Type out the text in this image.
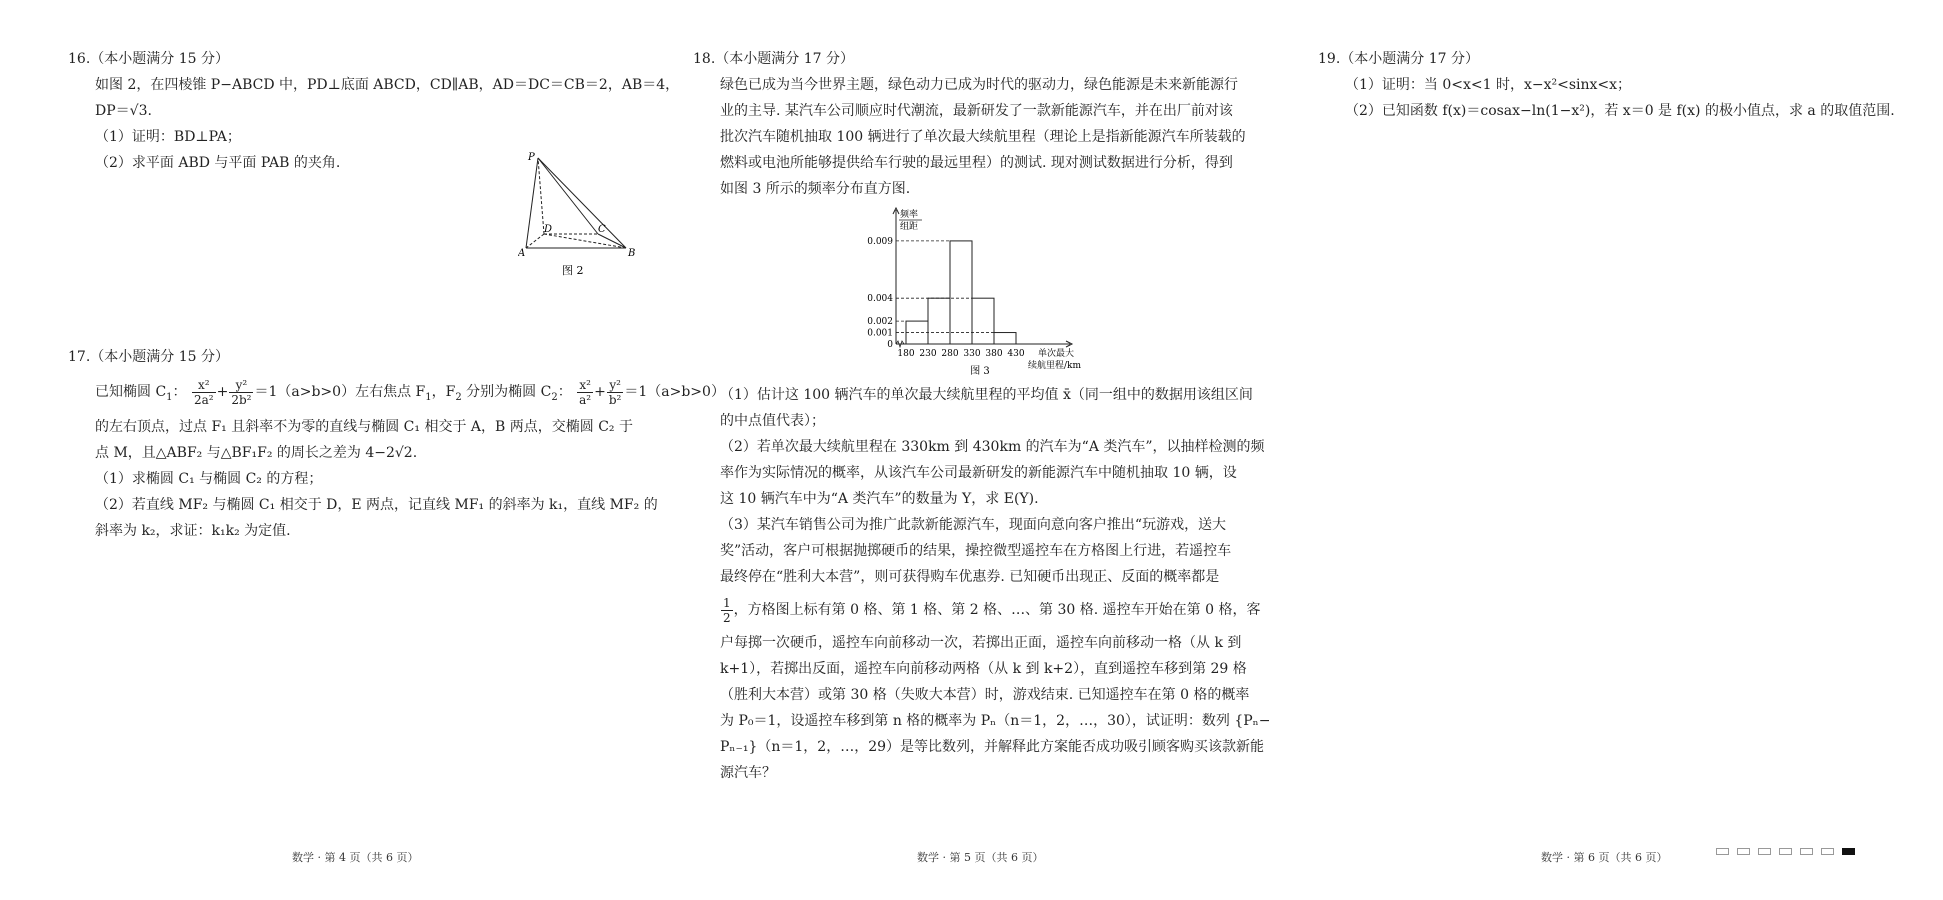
16.（本小题满分 15 分）
如图 2，在四棱锥 P−ABCD 中，PD⊥底面 ABCD，CD∥AB，AD＝DC＝CB＝2，AB＝4，
DP＝√3.
（1）证明：BD⊥PA；
（2）求平面 ABD 与平面 PAB 的夹角.	P
A	B
C
D
图 2
17.（本小题满分 15 分）
已知椭圆 $C_1$： $\frac{\text{x²}}{\text{2a²}} + \frac{\text{y²}}{\text{2b²}} =1(a>b>0)$左右焦点 $F_1$，$F_2$ 分别为椭圆 $C_2$： $\frac{\text{x²}}{\text{a²}} + \frac{\text{y²}}{\text{b²}} =1(a>b>0)$
的左右顶点，过点 F₁ 且斜率不为零的直线与椭圆 C₁ 相交于 A，B 两点，交椭圆 C₂ 于
点 M，且△ABF₂ 与△BF₁F₂ 的周长之差为 4−2√2.
（1）求椭圆 C₁ 与椭圆 C₂ 的方程；
（2）若直线 MF₂ 与椭圆 C₁ 相交于 D，E 两点，记直线 MF₁ 的斜率为 k₁，直线 MF₂ 的
斜率为 k₂，求证：k₁k₂ 为定值.
18.（本小题满分 17 分）
绿色已成为当今世界主题，绿色动力已成为时代的驱动力，绿色能源是未来新能源行
业的主导. 某汽车公司顺应时代潮流，最新研发了一款新能源汽车，并在出厂前对该
批次汽车随机抽取 100 辆进行了单次最大续航里程（理论上是指新能源汽车所装载的
燃料或电池所能够提供给车行驶的最远里程）的测试. 现对测试数据进行分析，得到
如图 3 所示的频率分布直方图.
0.009
0.004
0.002
0.001
0
180 230 280 330 380 430
频率
组距
单次最大
续航里程/km
图 3
（1）估计这 100 辆汽车的单次最大续航里程的平均值 x̄（同一组中的数据用该组区间
的中点值代表）；
（2）若单次最大续航里程在 330km 到 430km 的汽车为“A 类汽车”，以抽样检测的频
率作为实际情况的概率，从该汽车公司最新研发的新能源汽车中随机抽取 10 辆，设
这 10 辆汽车中为“A 类汽车”的数量为 Y，求 E(Y).
（3）某汽车销售公司为推广此款新能源汽车，现面向意向客户推出“玩游戏，送大
奖”活动，客户可根据抛掷硬币的结果，操控微型遥控车在方格图上行进，若遥控车
最终停在“胜利大本营”，则可获得购车优惠券. 已知硬币出现正、反面的概率都是
$\frac{1}{2}$ ，方格图上标有第 0 格、第 1 格、第 2 格、…、第 30 格. 遥控车开始在第 0 格，客
户每掷一次硬币，遥控车向前移动一次，若掷出正面，遥控车向前移动一格（从 k 到
k+1），若掷出反面，遥控车向前移动两格（从 k 到 k+2），直到遥控车移到第 29 格
（胜利大本营）或第 30 格（失败大本营）时，游戏结束. 已知遥控车在第 0 格的概率
为 P₀＝1，设遥控车移到第 n 格的概率为 Pₙ（n＝1，2，…，30），试证明：数列 {Pₙ−
Pₙ₋₁}（n＝1，2，…，29）是等比数列，并解释此方案能否成功吸引顾客购买该款新能
源汽车？
19.（本小题满分 17 分）
（1）证明：当 0<x<1 时，x−x²<sinx<x；
（2）已知函数 f(x)＝cosax−ln(1−x²)，若 x＝0 是 f(x) 的极小值点，求 a 的取值范围.
数学 · 第 4 页（共 6 页）	数学 · 第 5 页（共 6 页）	数学 · 第 6 页（共 6 页）
